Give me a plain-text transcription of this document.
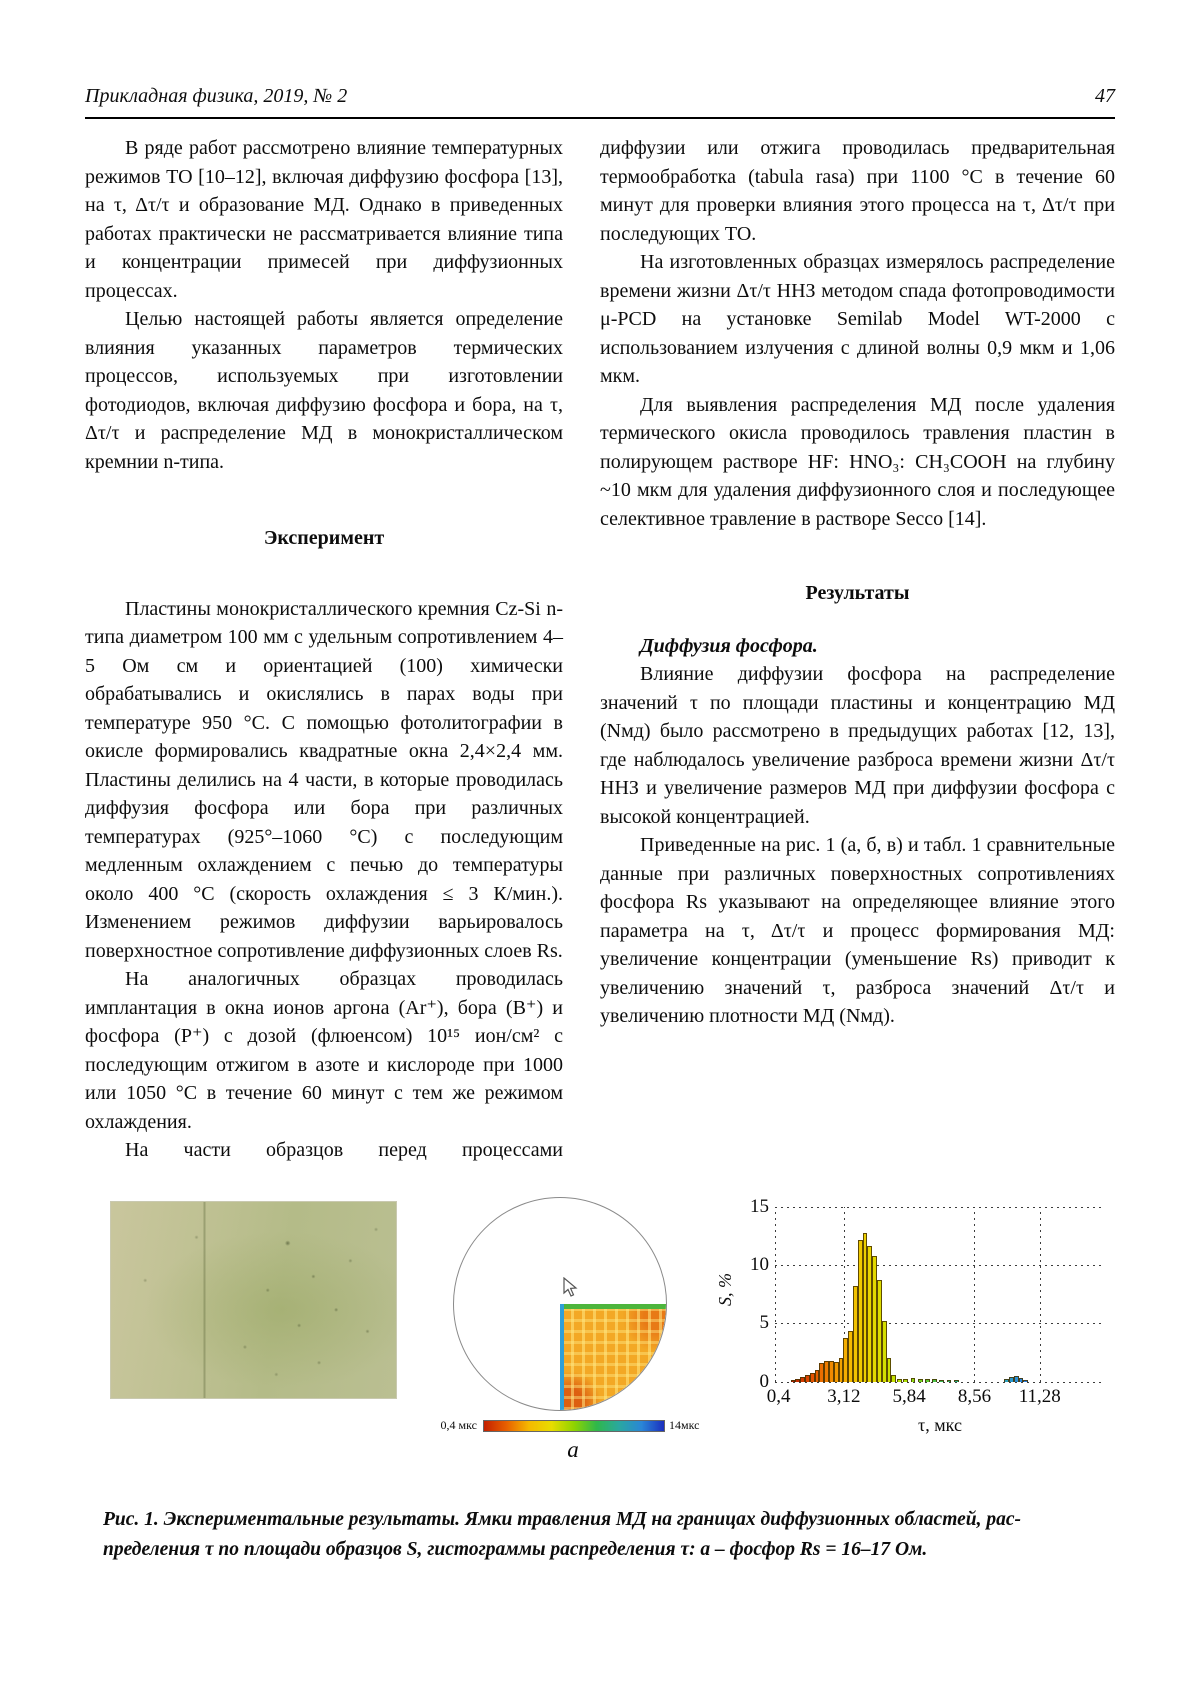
Прикладная физика, 2019, № 2	47

В ряде работ рассмотрено влияние температурных режимов ТО [10–12], включая диффузию фосфора [13], на τ, Δτ/τ и образование МД. Однако в приведенных работах практически не рассматривается влияние типа и концентрации примесей при диффузионных процессах.

Целью настоящей работы является определение влияния указанных параметров термических процессов, используемых при изготовлении фотодиодов, включая диффузию фосфора и бора, на τ, Δτ/τ и распределение МД в монокристаллическом кремнии n-типа.

Эксперимент

Пластины монокристаллического кремния Cz-Si n-типа диаметром 100 мм с удельным сопротивлением 4–5 Ом см и ориентацией (100) химически обрабатывались и окислялись в парах воды при температуре 950 °С. С помощью фотолитографии в окисле формировались квадратные окна 2,4×2,4 мм. Пластины делились на 4 части, в которые проводилась диффузия фосфора или бора при различных температурах (925°–1060 °С) с последующим медленным охлаждением с печью до температуры около 400 °С (скорость охлаждения ≤ 3 К/мин.). Изменением режимов диффузии варьировалось поверхностное сопротивление диффузионных слоев Rs.

На аналогичных образцах проводилась имплантация в окна ионов аргона (Ar⁺), бора (B⁺) и фосфора (P⁺) с дозой (флюенсом) 10¹⁵ ион/см² с последующим отжигом в азоте и кислороде при 1000 или 1050 °С в течение 60 минут с тем же режимом охлаждения.

На части образцов перед процессами

диффузии или отжига проводилась предварительная термообработка (tabula rasa) при 1100 °С в течение 60 минут для проверки влияния этого процесса на τ, Δτ/τ при последующих ТО.

На изготовленных образцах измерялось распределение времени жизни Δτ/τ ННЗ методом спада фотопроводимости μ-PCD на установке Semilab Model WT-2000 с использованием излучения с длиной волны 0,9 мкм и 1,06 мкм.

Для выявления распределения МД после удаления термического окисла проводилось травления пластин в полирующем растворе HF: HNO₃: CH₃COOH на глубину ~10 мкм для удаления диффузионного слоя и последующее селективное травление в растворе Secco [14].

Результаты

Диффузия фосфора.

Влияние диффузии фосфора на распределение значений τ по площади пластины и концентрацию МД (Nмд) было рассмотрено в предыдущих работах [12, 13], где наблюдалось увеличение разброса времени жизни Δτ/τ ННЗ и увеличение размеров МД при диффузии фосфора с высокой концентрацией.

Приведенные на рис. 1 (а, б, в) и табл. 1 сравнительные данные при различных поверхностных сопротивлениях фосфора Rs указывают на определяющее влияние этого параметра на τ, Δτ/τ и процесс формирования МД: увеличение концентрации (уменьшение Rs) приводит к увеличению значений τ, разброса значений Δτ/τ и увеличению плотности МД (Nмд).

0,4 мкс	14мкс
а
S, %
τ, мкс
0
5
10
15
0,4	3,12	5,84	8,56	11,28
Рис. 1. Экспериментальные результаты. Ямки травления МД на границах диффузионных областей, рас-
пределения τ по площади образцов S, гистограммы распределения τ: а – фосфор Rs = 16–17 Ом.
